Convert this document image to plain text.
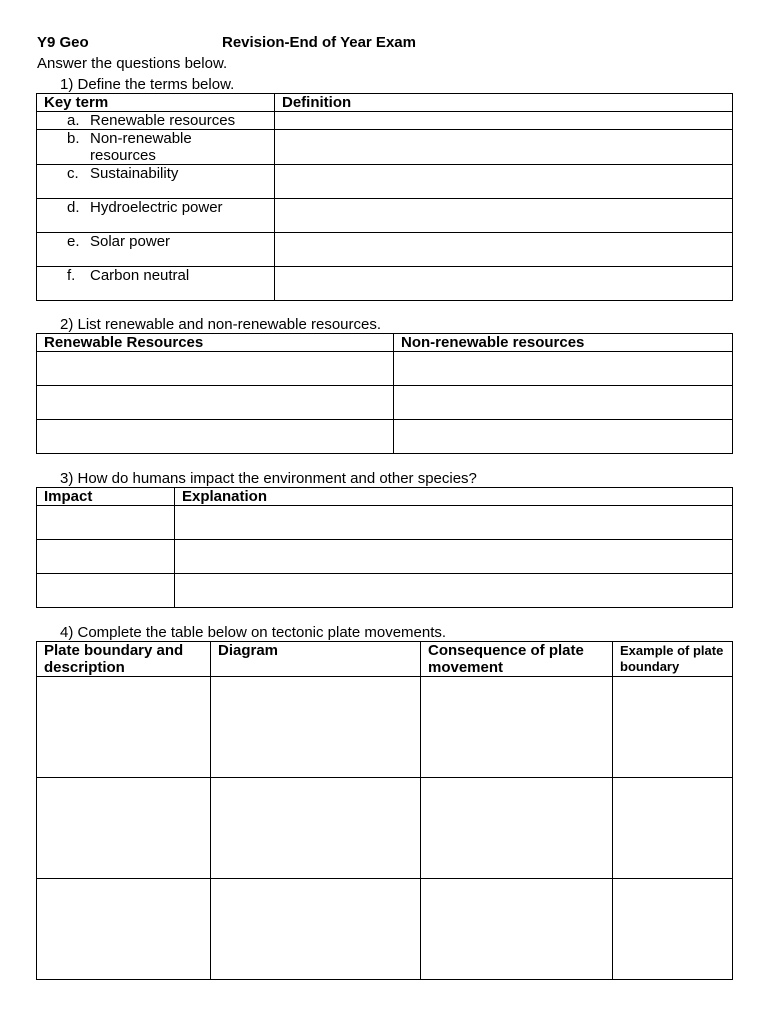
Y9 Geo	Revision-End of Year Exam
Answer the questions below.
1) Define the terms below.
Key term	Definition

a. Renewable resources	

b. Non-renewable resources	

c. Sustainability	

d. Hydroelectric power	

e. Solar power	

f. Carbon neutral	

2) List renewable and non-renewable resources.
Renewable Resources	Non-renewable resources

3) How do humans impact the environment and other species?
Impact	Explanation

4) Complete the table below on tectonic plate movements.
Plate boundary and description	Diagram	Consequence of plate movement	Example of plate boundary
